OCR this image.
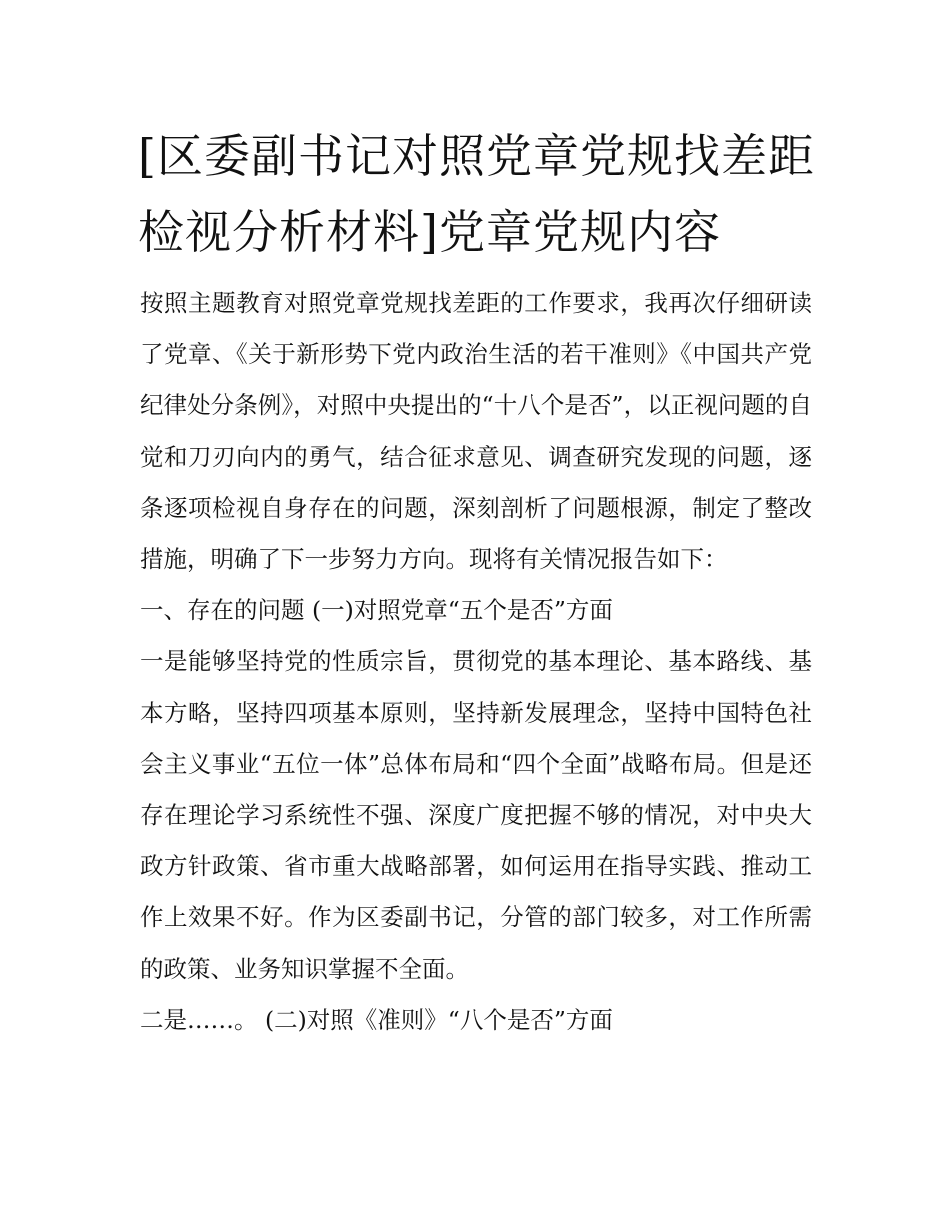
[区委副书记对照党章党规找差距检视分析材料]党章党规内容

按照主题教育对照党章党规找差距的工作要求，我再次仔细研读了党章、《关于新形势下党内政治生活的若干准则》《中国共产党纪律处分条例》，对照中央提出的“十八个是否”，以正视问题的自觉和刀刃向内的勇气，结合征求意见、调查研究发现的问题，逐条逐项检视自身存在的问题，深刻剖析了问题根源，制定了整改措施，明确了下一步努力方向。现将有关情况报告如下：

一、存在的问题 (一)对照党章“五个是否”方面

一是能够坚持党的性质宗旨，贯彻党的基本理论、基本路线、基本方略，坚持四项基本原则，坚持新发展理念，坚持中国特色社会主义事业“五位一体”总体布局和“四个全面”战略布局。但是还存在理论学习系统性不强、深度广度把握不够的情况，对中央大政方针政策、省市重大战略部署，如何运用在指导实践、推动工作上效果不好。作为区委副书记，分管的部门较多，对工作所需的政策、业务知识掌握不全面。

二是……。 (二)对照《准则》“八个是否”方面
